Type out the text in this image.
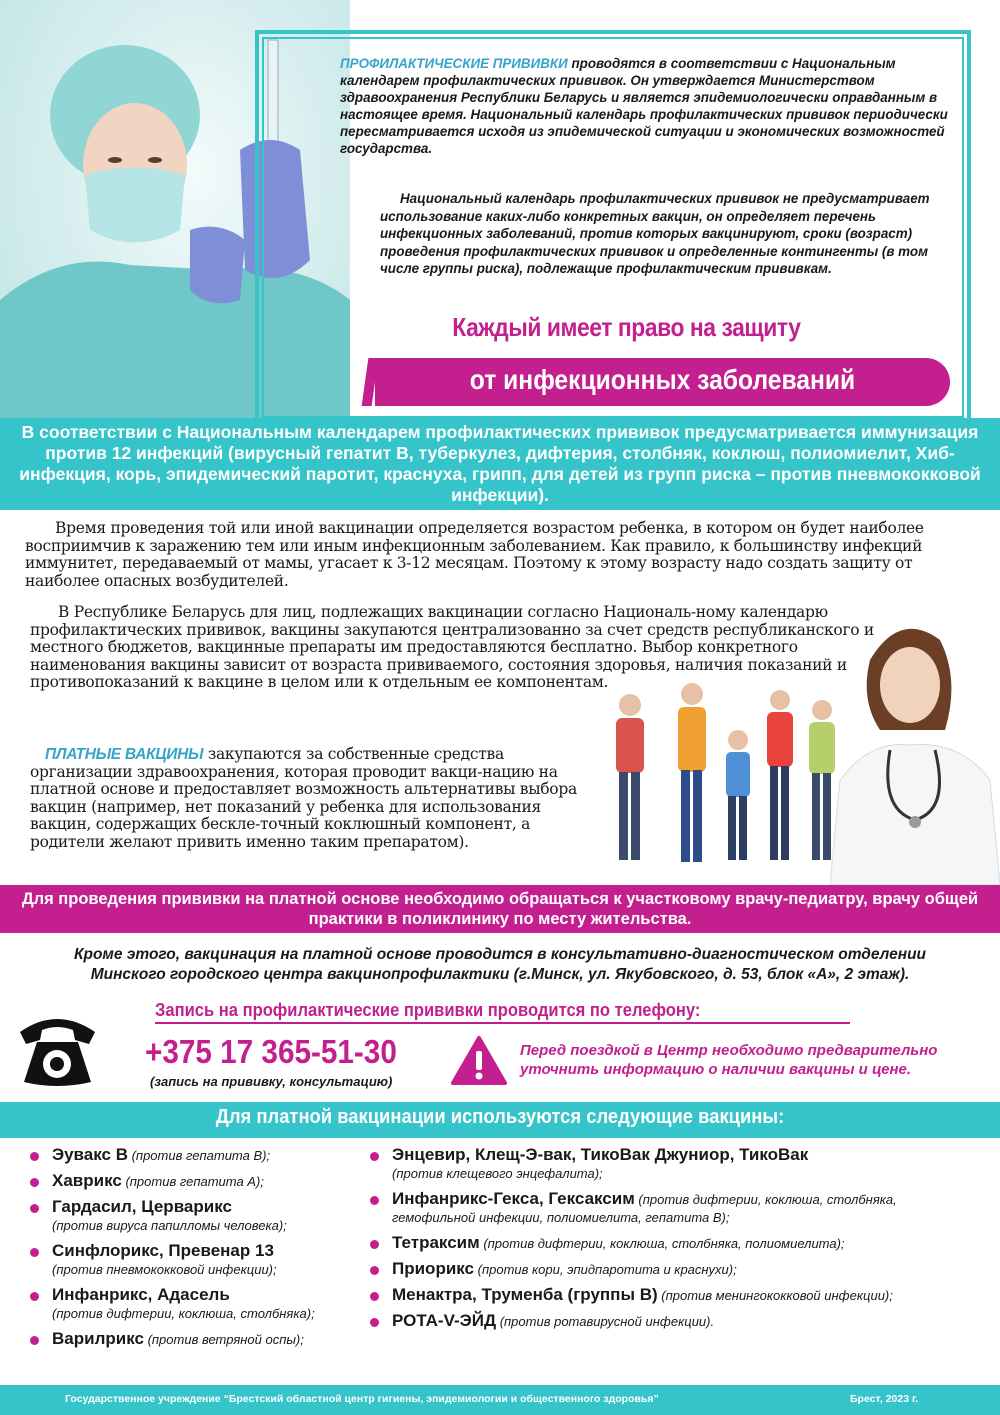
ПРОФИЛАКТИЧЕСКИЕ ПРИВИВКИ проводятся в соответствии с Национальным календарем профилактических прививок. Он утверждается Министерством здравоохранения Республики Беларусь и является эпидемиологически оправданным в настоящее время. Национальный календарь профилактических прививок периодически пересматривается исходя из эпидемической ситуации и экономических возможностей государства.

Национальный календарь профилактических прививок не предусматривает использование каких-либо конкретных вакцин, он определяет перечень инфекционных заболеваний, против которых вакцинируют, сроки (возраст) проведения профилактических прививок и определенные контингенты (в том числе группы риска), подлежащие профилактическим прививкам.

Каждый имеет право на защиту
от инфекционных заболеваний

В соответствии с Национальным календарем профилактических прививок предусматривается иммунизация против 12 инфекций (вирусный гепатит В, туберкулез, дифтерия, столбняк, коклюш, полиомиелит, Хиб-инфекция, корь, эпидемический паротит, краснуха, грипп, для детей из групп риска – против пневмококковой инфекции).

Время проведения той или иной вакцинации определяется возрастом ребенка, в котором он будет наиболее восприимчив к заражению тем или иным инфекционным заболеванием. Как правило, к большинству инфекций иммунитет, передаваемый от мамы, угасает к 3-12 месяцам. Поэтому к этому возрасту надо создать защиту от наиболее опасных возбудителей.

В Республике Беларусь для лиц, подлежащих вакцинации согласно Националь-ному календарю профилактических прививок, вакцины закупаются централизованно за счет средств республиканского и местного бюджетов, вакцинные препараты им предоставляются бесплатно. Выбор конкретного наименования вакцины зависит от возраста прививаемого, состояния здоровья, наличия показаний и противопоказаний к вакцине в целом или к отдельным ее компонентам.

ПЛАТНЫЕ ВАКЦИНЫ закупаются за собственные средства организации здравоохранения, которая проводит вакци-нацию на платной основе и предоставляет возможность альтернативы выбора вакцин (например, нет показаний у ребенка для использования вакцин, содержащих бескле-точный коклюшный компонент, а родители желают привить именно таким препаратом).

Для проведения прививки на платной основе необходимо обращаться к участковому врачу-педиатру, врачу общей практики в поликлинику по месту жительства.

Кроме этого, вакцинация на платной основе проводится в консультативно-диагностическом отделении Минского городского центра вакцинопрофилактики (г.Минск, ул. Якубовского, д. 53, блок «А», 2 этаж).

Запись на профилактические прививки проводится по телефону:
+375 17 365-51-30
(запись на прививку, консультацию)

Перед поездкой в Центр необходимо предварительно уточнить информацию о наличии вакцины и цене.

Для платной вакцинации используются следующие вакцины:
Эувакс В (против гепатита В);
Хаврикс (против гепатита А);
Гардасил, Церварикс
(против вируса папилломы человека);
Синфлорикс, Превенар 13
(против пневмококковой инфекции);
Инфанрикс, Адасель
(против дифтерии, коклюша, столбняка);
Варилрикс (против ветряной оспы);
Энцевир, Клещ-Э-вак, ТикоВак Джуниор, ТикоВак
(против клещевого энцефалита);
Инфанрикс-Гекса, Гексаксим (против дифтерии, коклюша, столбняка, гемофильной инфекции, полиомиелита, гепатита В);
Тетраксим (против дифтерии, коклюша, столбняка, полиомиелита);
Приорикс (против кори, эпидпаротита и краснухи);
Менактра, Труменба (группы В) (против менингококковой инфекции);
РОТА-V-ЭЙД (против ротавирусной инфекции).
Государственное учреждение “Брестский областной центр гигиены, эпидемиологии и общественного здоровья”	Брест, 2023 г.
